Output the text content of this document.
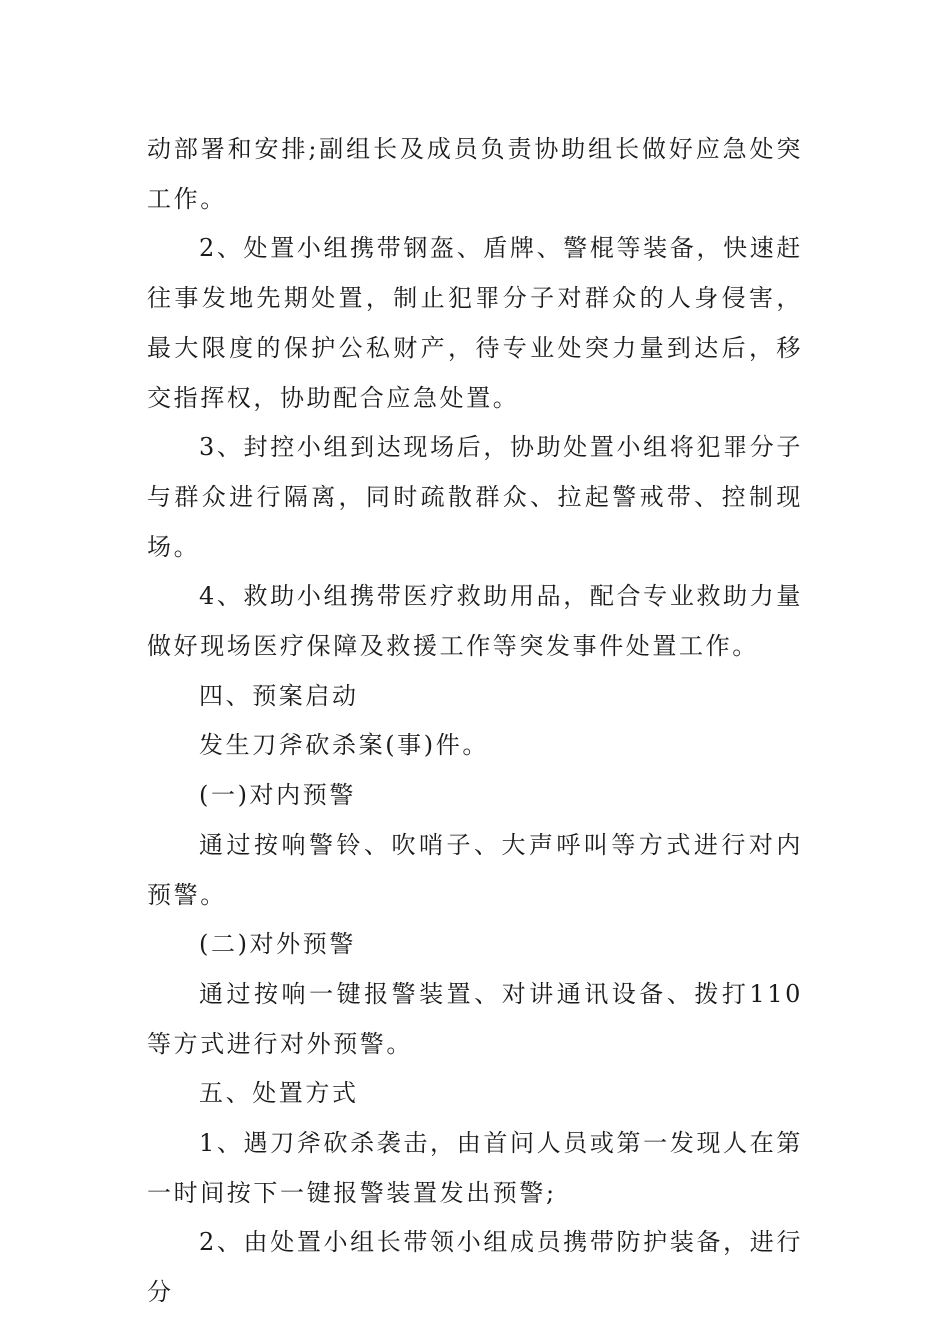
动部署和安排;副组长及成员负责协助组长做好应急处突工作。

2、处置小组携带钢盔、盾牌、警棍等装备，快速赶往事发地先期处置，制止犯罪分子对群众的人身侵害，最大限度的保护公私财产，待专业处突力量到达后，移交指挥权，协助配合应急处置。

3、封控小组到达现场后，协助处置小组将犯罪分子与群众进行隔离，同时疏散群众、拉起警戒带、控制现场。

4、救助小组携带医疗救助用品，配合专业救助力量做好现场医疗保障及救援工作等突发事件处置工作。

四、预案启动

发生刀斧砍杀案(事)件。

(一)对内预警

通过按响警铃、吹哨子、大声呼叫等方式进行对内预警。

(二)对外预警

通过按响一键报警装置、对讲通讯设备、拨打110等方式进行对外预警。

五、处置方式

1、遇刀斧砍杀袭击，由首问人员或第一发现人在第一时间按下一键报警装置发出预警;

2、由处置小组长带领小组成员携带防护装备，进行分
